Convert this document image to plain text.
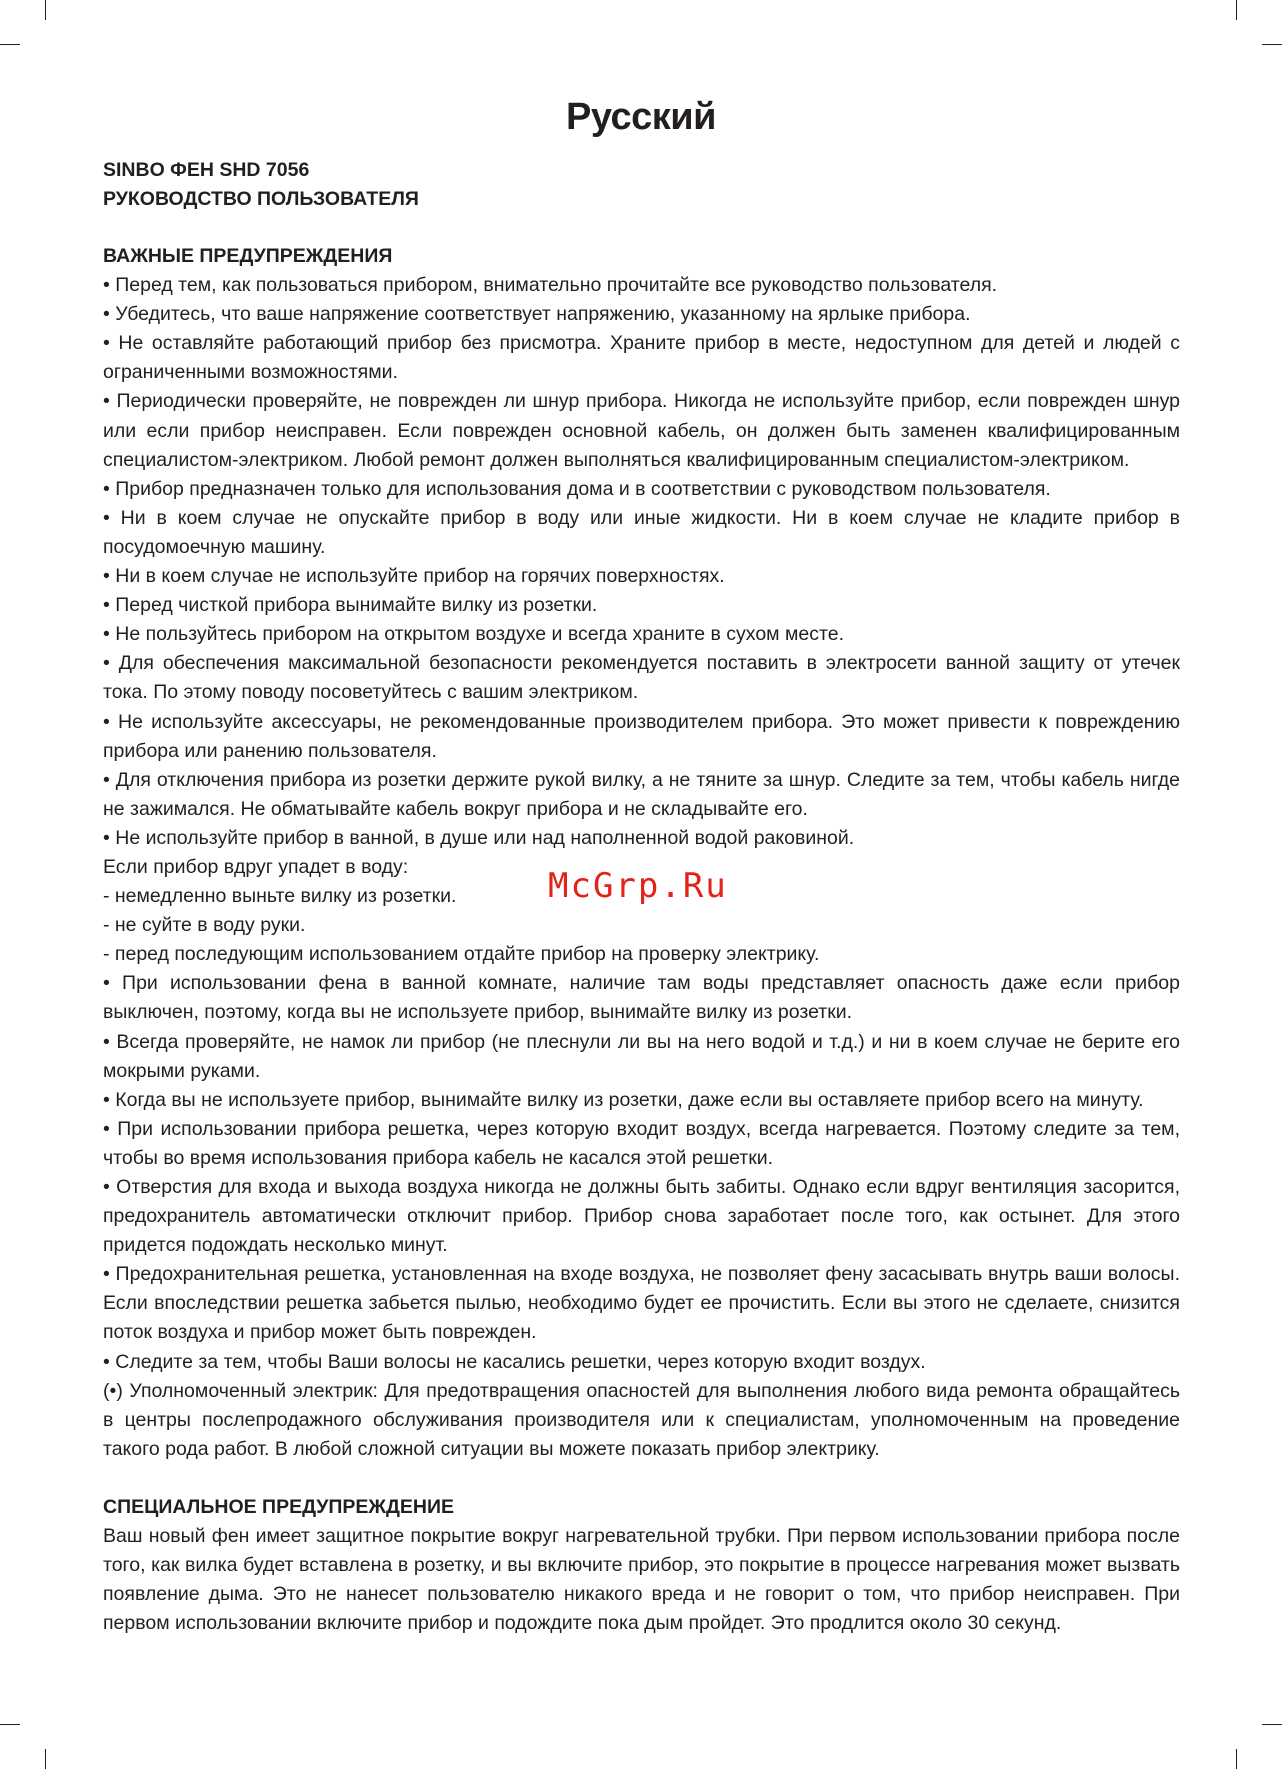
Русский
SINBO ФЕН SHD 7056
РУКОВОДСТВО ПОЛЬЗОВАТЕЛЯ

ВАЖНЫЕ ПРЕДУПРЕЖДЕНИЯ

• Перед тем, как пользоваться прибором, внимательно прочитайте все руководство пользователя.

• Убедитесь, что ваше напряжение соответствует напряжению, указанному на ярлыке прибора.

• Не оставляйте работающий прибор без присмотра. Храните прибор в месте, недоступном для детей и людей с ограниченными возможностями.

• Периодически проверяйте, не поврежден ли шнур прибора. Никогда не используйте прибор, если поврежден шнур или если прибор неисправен. Если поврежден основной кабель, он должен быть заменен квалифицированным специалистом-электриком. Любой ремонт должен выполняться квалифицированным специалистом-электриком.

• Прибор предназначен только для использования дома и в соответствии с руководством пользователя.

• Ни в коем случае не опускайте прибор в воду или иные жидкости. Ни в коем случае не кладите прибор в посудомоечную машину.

• Ни в коем случае не используйте прибор на горячих поверхностях.

• Перед чисткой прибора вынимайте вилку из розетки.

• Не пользуйтесь прибором на открытом воздухе и всегда храните в сухом месте.

• Для обеспечения максимальной безопасности рекомендуется поставить в электросети ванной защиту от утечек тока. По этому поводу посоветуйтесь с вашим электриком.

• Не используйте аксессуары, не рекомендованные производителем прибора. Это может привести к повреждению прибора или ранению пользователя.

• Для отключения прибора из розетки держите рукой вилку, а не тяните за шнур. Следите за тем, чтобы кабель нигде не зажимался. Не обматывайте кабель вокруг прибора и не складывайте его.

• Не используйте прибор в ванной, в душе или над наполненной водой раковиной.

Если прибор вдруг упадет в воду:

- немедленно выньте вилку из розетки.

- не суйте в воду руки.

- перед последующим использованием отдайте прибор на проверку электрику.

• При использовании фена в ванной комнате, наличие там воды представляет опасность даже если прибор выключен, поэтому, когда вы не используете прибор, вынимайте вилку из розетки.

• Всегда проверяйте, не намок ли прибор (не плеснули ли вы на него водой и т.д.) и ни в коем случае не берите его мокрыми руками.

• Когда вы не используете прибор, вынимайте вилку из розетки, даже если вы оставляете прибор всего на минуту.

• При использовании прибора решетка, через которую входит воздух, всегда нагревается. Поэтому следите за тем, чтобы во время использования прибора кабель не касался этой решетки.

• Отверстия для входа и выхода воздуха никогда не должны быть забиты. Однако если вдруг вентиляция засорится, предохранитель автоматически отключит прибор. Прибор снова заработает после того, как остынет. Для этого придется подождать несколько минут.

• Предохранительная решетка, установленная на входе воздуха, не позволяет фену засасывать внутрь ваши волосы. Если впоследствии решетка забьется пылью, необходимо будет ее прочистить. Если вы этого не сделаете, снизится поток воздуха и прибор может быть поврежден.

• Следите за тем, чтобы Ваши волосы не касались решетки, через которую входит воздух.

(•) Уполномоченный электрик: Для предотвращения опасностей для выполнения любого вида ремонта обращайтесь в центры послепродажного обслуживания производителя или к специалистам, уполномоченным на проведение такого рода работ. В любой сложной ситуации вы можете показать прибор электрику.

СПЕЦИАЛЬНОЕ ПРЕДУПРЕЖДЕНИЕ

Ваш новый фен имеет защитное покрытие вокруг нагревательной трубки. При первом использовании прибора после того, как вилка будет вставлена в розетку, и вы включите прибор, это покрытие в процессе нагревания может вызвать появление дыма. Это не нанесет пользователю никакого вреда и не говорит о том, что прибор неисправен. При первом использовании включите прибор и подождите пока дым пройдет. Это продлится около 30 секунд.

McGrp.Ru
